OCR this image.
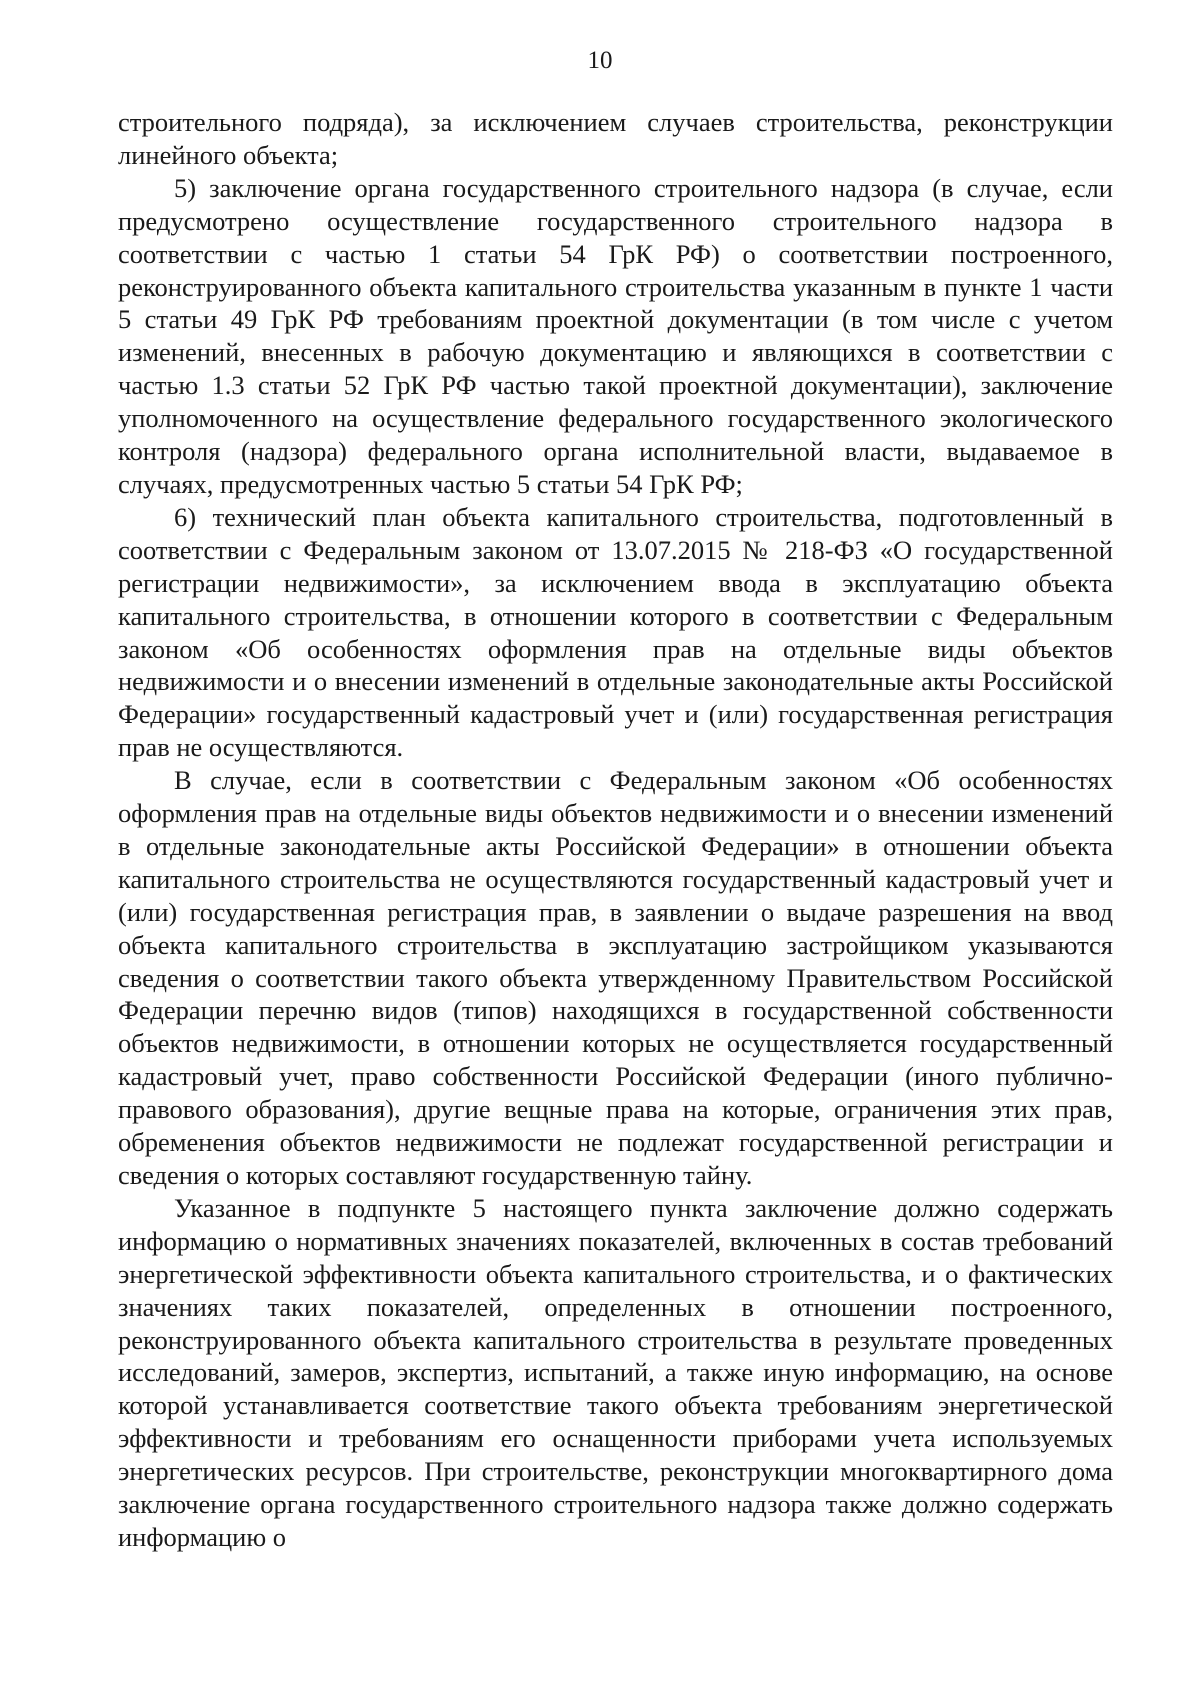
10

строительного подряда), за исключением случаев строительства, реконструкции линейного объекта;

5) заключение органа государственного строительного надзора (в случае, если предусмотрено осуществление государственного строительного надзора в соответствии с частью 1 статьи 54 ГрК РФ) о соответствии построенного, реконструированного объекта капитального строительства указанным в пункте 1 части 5 статьи 49 ГрК РФ требованиям проектной документации (в том числе с учетом изменений, внесенных в рабочую документацию и являющихся в соответствии с частью 1.3 статьи 52 ГрК РФ частью такой проектной документации), заключение уполномоченного на осуществление федерального государственного экологического контроля (надзора) федерального органа исполнительной власти, выдаваемое в случаях, предусмотренных частью 5 статьи 54 ГрК РФ;

6) технический план объекта капитального строительства, подготовленный в соответствии с Федеральным законом от 13.07.2015 № 218-ФЗ «О государственной регистрации недвижимости», за исключением ввода в эксплуатацию объекта капитального строительства, в отношении которого в соответствии с Федеральным законом «Об особенностях оформления прав на отдельные виды объектов недвижимости и о внесении изменений в отдельные законодательные акты Российской Федерации» государственный кадастровый учет и (или) государственная регистрация прав не осуществляются.

В случае, если в соответствии с Федеральным законом «Об особенностях оформления прав на отдельные виды объектов недвижимости и о внесении изменений в отдельные законодательные акты Российской Федерации» в отношении объекта капитального строительства не осуществляются государственный кадастровый учет и (или) государственная регистрация прав, в заявлении о выдаче разрешения на ввод объекта капитального строительства в эксплуатацию застройщиком указываются сведения о соответствии такого объекта утвержденному Правительством Российской Федерации перечню видов (типов) находящихся в государственной собственности объектов недвижимости, в отношении которых не осуществляется государственный кадастровый учет, право собственности Российской Федерации (иного публично-правового образования), другие вещные права на которые, ограничения этих прав, обременения объектов недвижимости не подлежат государственной регистрации и сведения о которых составляют государственную тайну.

Указанное в подпункте 5 настоящего пункта заключение должно содержать информацию о нормативных значениях показателей, включенных в состав требований энергетической эффективности объекта капитального строительства, и о фактических значениях таких показателей, определенных в отношении построенного, реконструированного объекта капитального строительства в результате проведенных исследований, замеров, экспертиз, испытаний, а также иную информацию, на основе которой устанавливается соответствие такого объекта требованиям энергетической эффективности и требованиям его оснащенности приборами учета используемых энергетических ресурсов. При строительстве, реконструкции многоквартирного дома заключение органа государственного строительного надзора также должно содержать информацию о
